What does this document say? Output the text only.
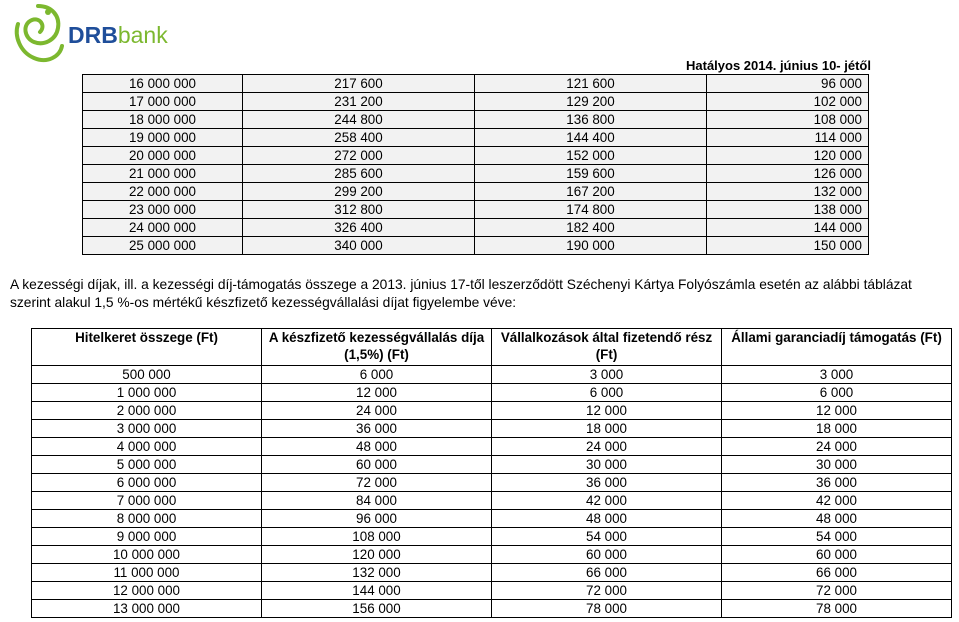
DRBbank
Hatályos 2014. június 10- jétől
16 000 000	217 600	121 600	96 000
17 000 000	231 200	129 200	102 000
18 000 000	244 800	136 800	108 000
19 000 000	258 400	144 400	114 000
20 000 000	272 000	152 000	120 000
21 000 000	285 600	159 600	126 000
22 000 000	299 200	167 200	132 000
23 000 000	312 800	174 800	138 000
24 000 000	326 400	182 400	144 000
25 000 000	340 000	190 000	150 000
A kezességi díjak, ill. a kezességi díj-támogatás összege a 2013. június 17-től leszerződött Széchenyi Kártya Folyószámla esetén az alábbi táblázat szerint alakul 1,5 %-os mértékű készfizető kezességvállalási díjat figyelembe véve:
Hitelkeret összege (Ft)	A készfizető kezességvállalás díja (1,5%) (Ft)	Vállalkozások által fizetendő rész (Ft)	Állami garanciadíj támogatás (Ft)
500 000	6 000	3 000	3 000
1 000 000	12 000	6 000	6 000
2 000 000	24 000	12 000	12 000
3 000 000	36 000	18 000	18 000
4 000 000	48 000	24 000	24 000
5 000 000	60 000	30 000	30 000
6 000 000	72 000	36 000	36 000
7 000 000	84 000	42 000	42 000
8 000 000	96 000	48 000	48 000
9 000 000	108 000	54 000	54 000
10 000 000	120 000	60 000	60 000
11 000 000	132 000	66 000	66 000
12 000 000	144 000	72 000	72 000
13 000 000	156 000	78 000	78 000
